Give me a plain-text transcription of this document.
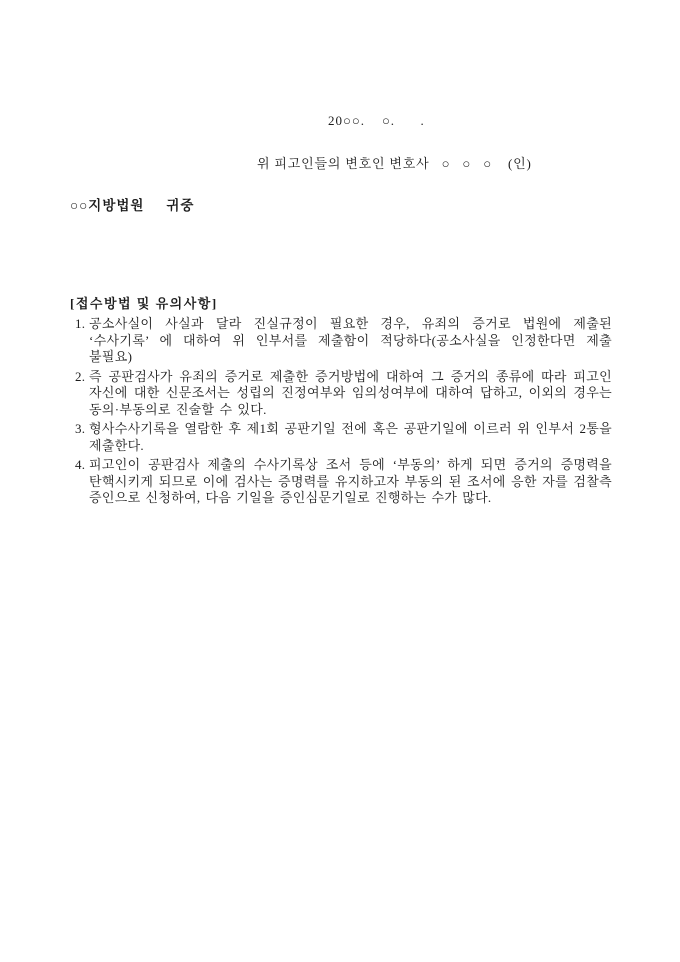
20○○.    ○.      .

위 피고인들의 변호인 변호사   ○   ○   ○    (인)

○○지방법원     귀중

[접수방법 및 유의사항]
1. 공소사실이 사실과 달라 진실규정이 필요한 경우, 유죄의 증거로 법원에 제출된 ‘수사기록’ 에 대하여 위 인부서를 제출함이 적당하다(공소사실을 인정한다면 제출 불필요)
2. 즉 공판검사가 유죄의 증거로 제출한 증거방법에 대하여 그 증거의 종류에 따라 피고인 자신에 대한 신문조서는 성립의 진정여부와 임의성여부에 대하여 답하고, 이외의 경우는 동의·부동의로 진술할 수 있다.
3. 형사수사기록을 열람한 후 제1회 공판기일 전에 혹은 공판기일에 이르러 위 인부서 2통을 제출한다.
4. 피고인이 공판검사 제출의 수사기록상 조서 등에 ‘부동의’ 하게 되면 증거의 증명력을 탄핵시키게 되므로 이에 검사는 증명력를 유지하고자 부동의 된 조서에 응한 자를 검찰측 증인으로 신청하여, 다음 기일을 증인심문기일로 진행하는 수가 많다.
